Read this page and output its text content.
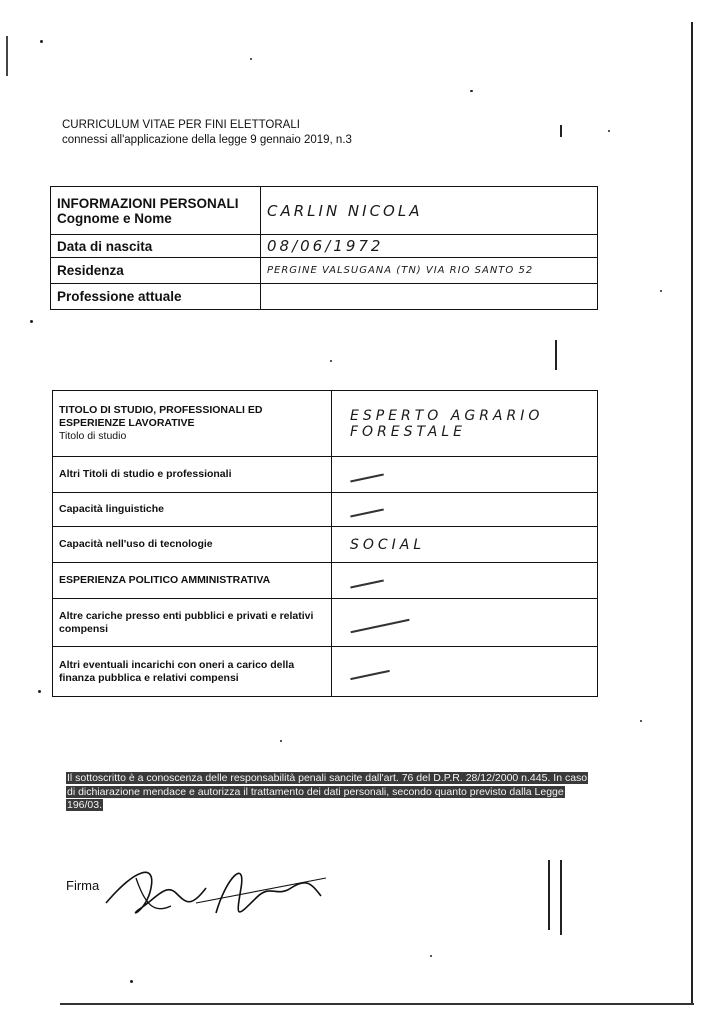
CURRICULUM VITAE PER FINI ELETTORALI
connessi all'applicazione della legge 9 gennaio 2019, n.3
INFORMAZIONI PERSONALI
Cognome e Nome	CARLIN NICOLA
Data di nascita	08/06/1972
Residenza	PERGINE VALSUGANA (TN) VIA RIO SANTO 52
Professione attuale	
TITOLO DI STUDIO, PROFESSIONALI ED ESPERIENZE LAVORATIVE
Titolo di studio	ESPERTO AGRARIO FORESTALE
Altri Titoli di studio e professionali	
Capacità linguistiche	
Capacità nell'uso di tecnologie	SOCIAL
ESPERIENZA POLITICO AMMINISTRATIVA	
Altre cariche presso enti pubblici e privati e relativi compensi	
Altri eventuali incarichi con oneri a carico della finanza pubblica e relativi compensi	
Il sottoscritto è a conoscenza delle responsabilità penali sancite dall'art. 76 del D.P.R. 28/12/2000 n.445. In caso di dichiarazione mendace e autorizza il trattamento dei dati personali, secondo quanto previsto dalla Legge 196/03.
Firma
